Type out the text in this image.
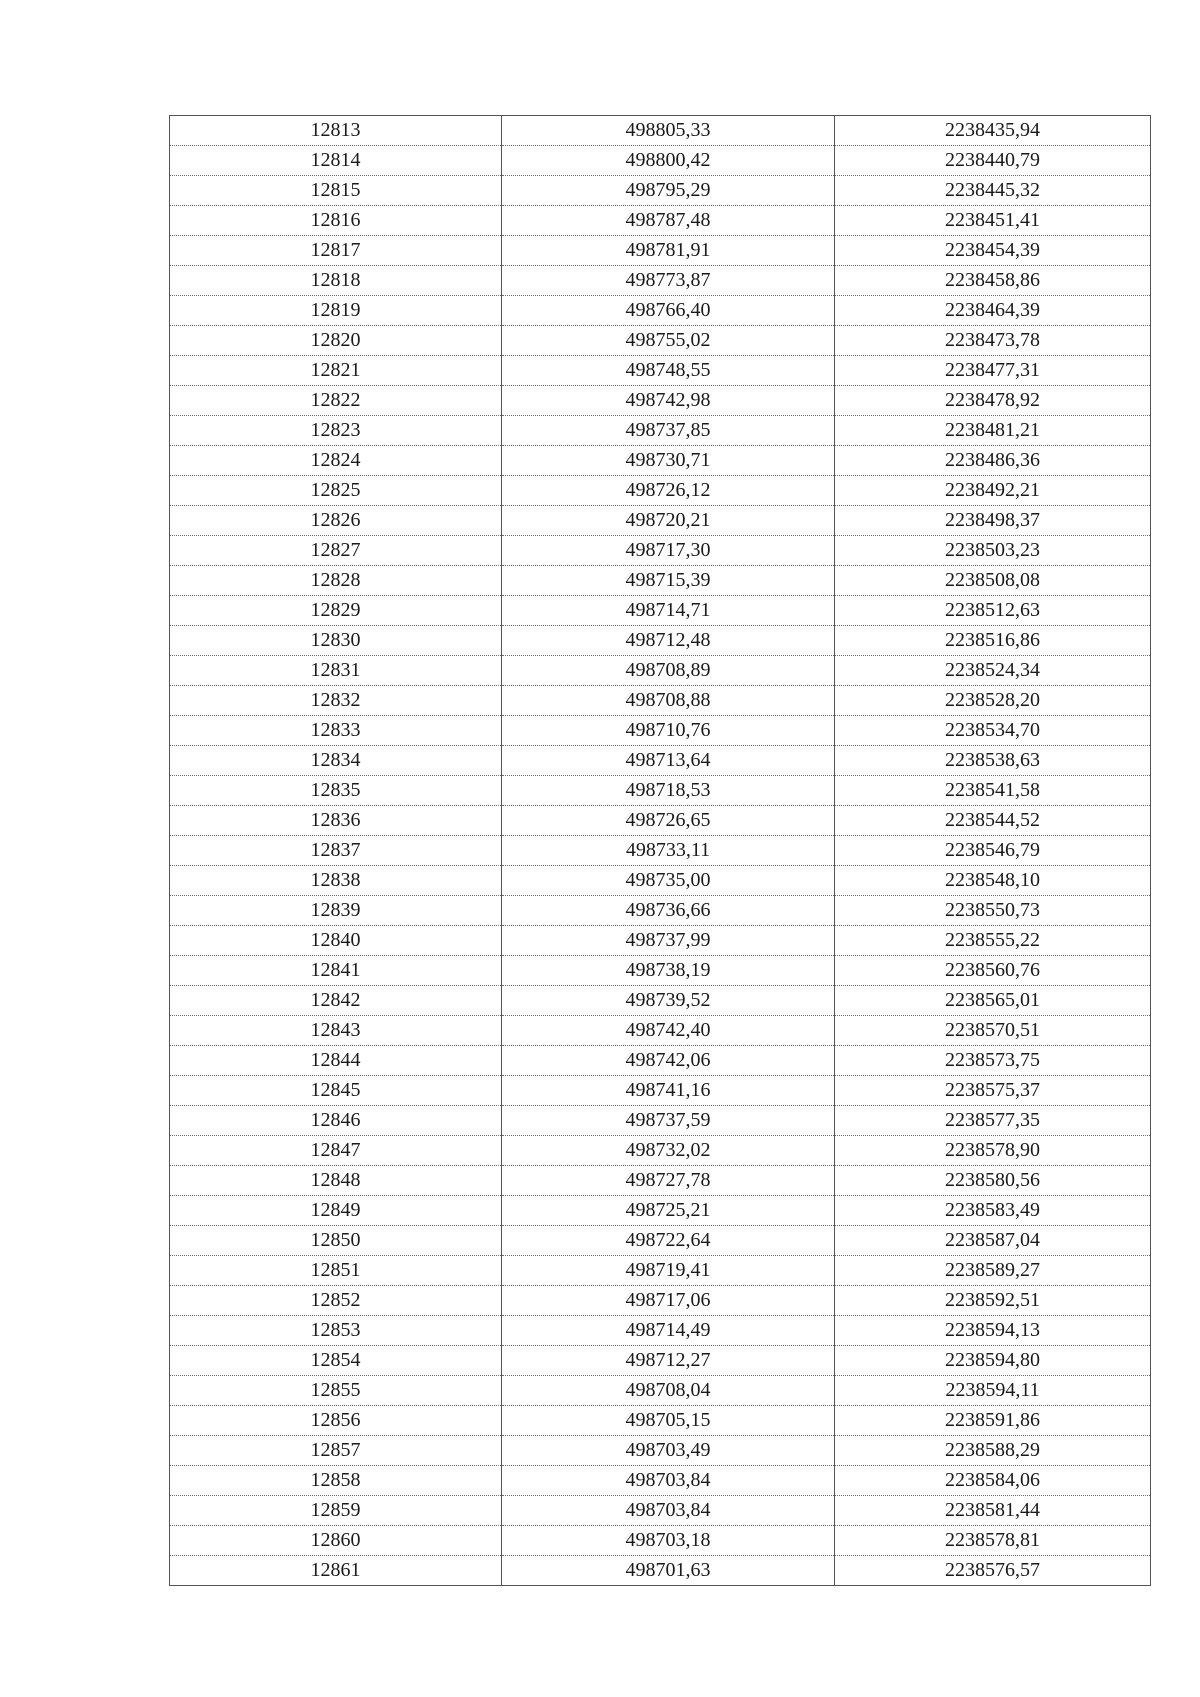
12813	498805,33	2238435,94
12814	498800,42	2238440,79
12815	498795,29	2238445,32
12816	498787,48	2238451,41
12817	498781,91	2238454,39
12818	498773,87	2238458,86
12819	498766,40	2238464,39
12820	498755,02	2238473,78
12821	498748,55	2238477,31
12822	498742,98	2238478,92
12823	498737,85	2238481,21
12824	498730,71	2238486,36
12825	498726,12	2238492,21
12826	498720,21	2238498,37
12827	498717,30	2238503,23
12828	498715,39	2238508,08
12829	498714,71	2238512,63
12830	498712,48	2238516,86
12831	498708,89	2238524,34
12832	498708,88	2238528,20
12833	498710,76	2238534,70
12834	498713,64	2238538,63
12835	498718,53	2238541,58
12836	498726,65	2238544,52
12837	498733,11	2238546,79
12838	498735,00	2238548,10
12839	498736,66	2238550,73
12840	498737,99	2238555,22
12841	498738,19	2238560,76
12842	498739,52	2238565,01
12843	498742,40	2238570,51
12844	498742,06	2238573,75
12845	498741,16	2238575,37
12846	498737,59	2238577,35
12847	498732,02	2238578,90
12848	498727,78	2238580,56
12849	498725,21	2238583,49
12850	498722,64	2238587,04
12851	498719,41	2238589,27
12852	498717,06	2238592,51
12853	498714,49	2238594,13
12854	498712,27	2238594,80
12855	498708,04	2238594,11
12856	498705,15	2238591,86
12857	498703,49	2238588,29
12858	498703,84	2238584,06
12859	498703,84	2238581,44
12860	498703,18	2238578,81
12861	498701,63	2238576,57
